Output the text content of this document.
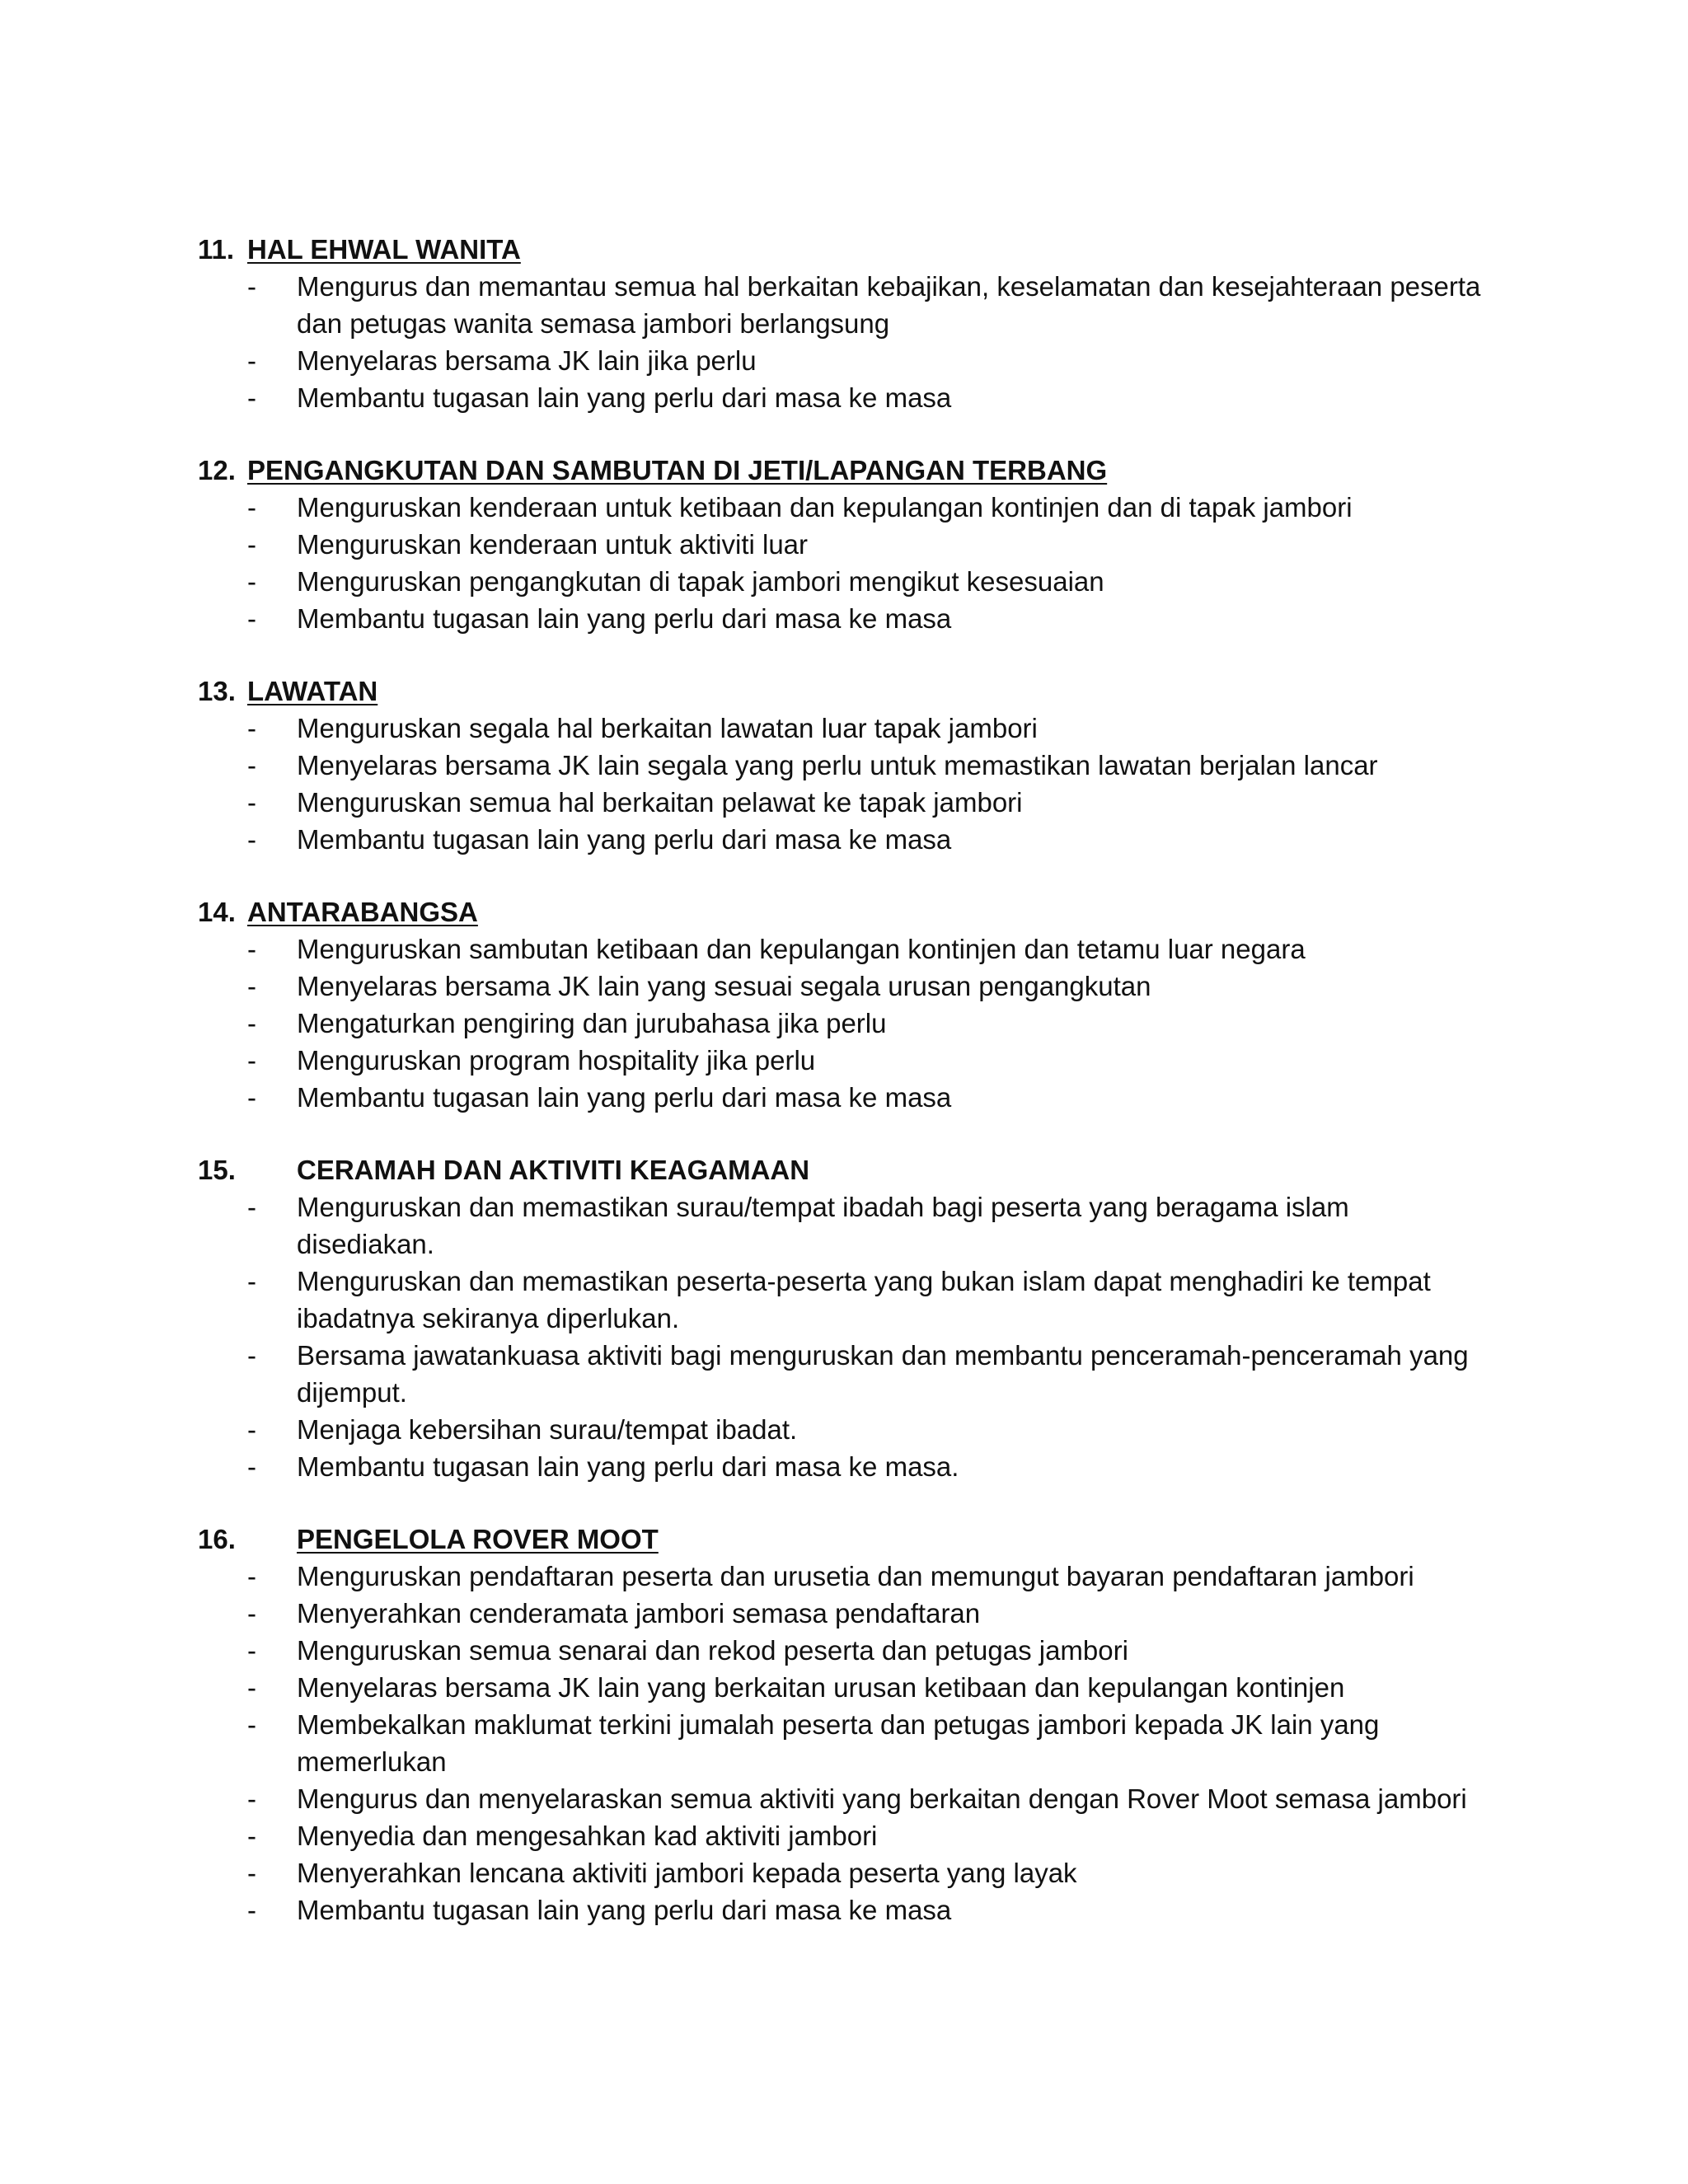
11. HAL EHWAL WANITA
-	Mengurus dan memantau semua hal berkaitan kebajikan, keselamatan dan kesejahteraan peserta dan petugas wanita semasa jambori berlangsung
-	Menyelaras bersama JK lain jika perlu
-	Membantu tugasan lain yang perlu dari masa ke masa
12. PENGANGKUTAN DAN SAMBUTAN DI JETI/LAPANGAN TERBANG
-	Menguruskan kenderaan untuk ketibaan dan kepulangan kontinjen dan di tapak jambori
-	Menguruskan kenderaan untuk aktiviti luar
-	Menguruskan pengangkutan di tapak jambori mengikut kesesuaian
-	Membantu tugasan lain yang perlu dari masa ke masa
13. LAWATAN
-	Menguruskan segala hal berkaitan lawatan luar tapak jambori
-	Menyelaras bersama JK lain segala yang perlu untuk memastikan lawatan berjalan lancar
-	Menguruskan semua hal berkaitan pelawat ke tapak jambori
-	Membantu tugasan lain yang perlu dari masa ke masa
14. ANTARABANGSA
-	Menguruskan sambutan ketibaan dan kepulangan kontinjen dan tetamu luar negara
-	Menyelaras bersama JK lain yang sesuai segala urusan pengangkutan
-	Mengaturkan pengiring dan jurubahasa jika perlu
-	Menguruskan program hospitality jika perlu
-	Membantu tugasan lain yang perlu dari masa ke masa
15.	CERAMAH DAN AKTIVITI KEAGAMAAN
-	Menguruskan dan memastikan surau/tempat ibadah bagi peserta yang beragama islam disediakan.
-	Menguruskan dan memastikan peserta-peserta yang bukan islam dapat menghadiri ke tempat ibadatnya sekiranya diperlukan.
-	Bersama jawatankuasa aktiviti bagi menguruskan dan membantu penceramah-penceramah yang dijemput.
-	Menjaga kebersihan surau/tempat ibadat.
-	Membantu tugasan lain yang perlu dari masa ke masa.
16.	PENGELOLA ROVER MOOT
-	Menguruskan pendaftaran peserta dan urusetia dan memungut bayaran pendaftaran jambori
-	Menyerahkan cenderamata jambori semasa pendaftaran
-	Menguruskan semua senarai dan rekod peserta dan petugas jambori
-	Menyelaras bersama JK lain yang berkaitan urusan ketibaan dan kepulangan kontinjen
-	Membekalkan maklumat terkini jumalah peserta dan petugas jambori kepada JK lain yang memerlukan
-	Mengurus dan menyelaraskan semua aktiviti yang berkaitan dengan Rover Moot semasa jambori
-	Menyedia dan mengesahkan kad aktiviti jambori
-	Menyerahkan lencana aktiviti jambori kepada peserta yang layak
-	Membantu tugasan lain yang perlu dari masa ke masa
